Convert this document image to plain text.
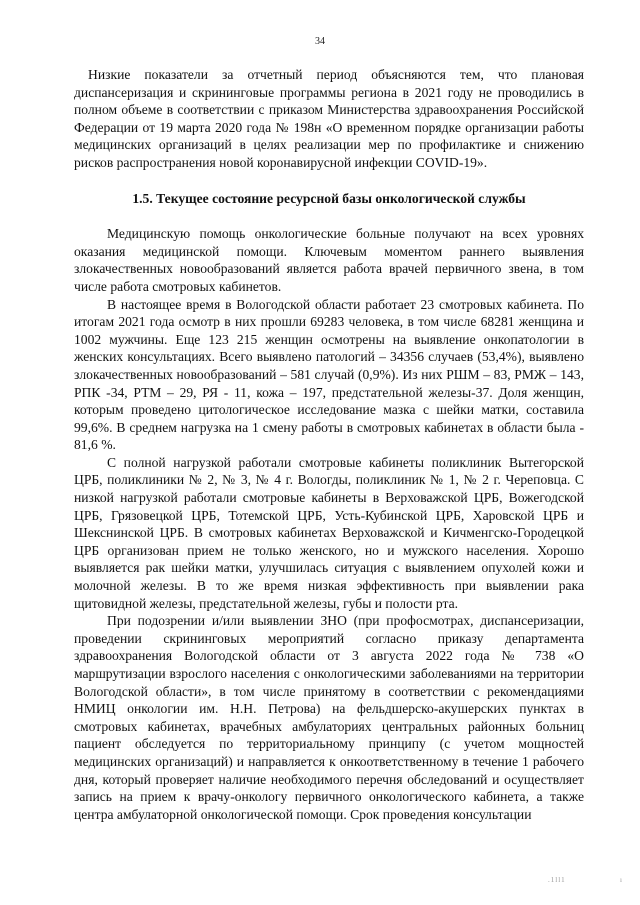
34

Низкие показатели за отчетный период объясняются тем, что плановая диспансеризация и скрининговые программы региона в 2021 году не проводились в полном объеме в соответствии с приказом Министерства здравоохранения Российской Федерации от 19 марта 2020 года № 198н «О временном порядке организации работы медицинских организаций в целях реализации мер по профилактике и снижению рисков распространения новой коронавирусной инфекции COVID-19».

1.5. Текущее состояние ресурсной базы онкологической службы

Медицинскую помощь онкологические больные получают на всех уровнях оказания медицинской помощи. Ключевым моментом раннего выявления злокачественных новообразований является работа врачей первичного звена, в том числе работа смотровых кабинетов.

В настоящее время в Вологодской области работает 23 смотровых кабинета. По итогам 2021 года осмотр в них прошли 69283 человека, в том числе 68281 женщина и 1002 мужчины. Еще 123 215 женщин осмотрены на выявление онкопатологии в женских консультациях. Всего выявлено патологий – 34356 случаев (53,4%), выявлено злокачественных новообразований – 581 случай (0,9%). Из них РШМ – 83, РМЖ – 143, РПК -34, РТМ – 29, РЯ - 11, кожа – 197, предстательной железы-37. Доля женщин, которым проведено цитологическое исследование мазка с шейки матки, составила 99,6%. В среднем нагрузка на 1 смену работы в смотровых кабинетах в области была - 81,6 %.

С полной нагрузкой работали смотровые кабинеты поликлиник Вытегорской ЦРБ, поликлиники № 2, № 3, № 4 г. Вологды, поликлиник № 1, № 2 г. Череповца. С низкой нагрузкой работали смотровые кабинеты в Верховажской ЦРБ, Вожегодской ЦРБ, Грязовецкой ЦРБ, Тотемской ЦРБ, Усть-Кубинской ЦРБ, Харовской ЦРБ и Шекснинской ЦРБ. В смотровых кабинетах Верховажской и Кичменгско-Городецкой ЦРБ организован прием не только женского, но и мужского населения. Хорошо выявляется рак шейки матки, улучшилась ситуация с выявлением опухолей кожи и молочной железы. В то же время низкая эффективность при выявлении рака щитовидной железы, предстательной железы, губы и полости рта.

При подозрении и/или выявлении ЗНО (при профосмотрах, диспансеризации, проведении скрининговых мероприятий согласно приказу департамента здравоохранения Вологодской области от 3 августа 2022 года № 738 «О маршрутизации взрослого населения с онкологическими заболеваниями на территории Вологодской области», в том числе принятому в соответствии с рекомендациями НМИЦ онкологии им. Н.Н. Петрова) на фельдшерско-акушерских пунктах в смотровых кабинетах, врачебных амбулаториях центральных районных больниц пациент обследуется по территориальному принципу (с учетом мощностей медицинских организаций) и направляется к онкоответственному в течение 1 рабочего дня, который проверяет наличие необходимого перечня обследований и осуществляет запись на прием к врачу-онкологу первичного онкологического кабинета, а также центра амбулаторной онкологической помощи. Срок проведения консультации

.1ll1	ı
